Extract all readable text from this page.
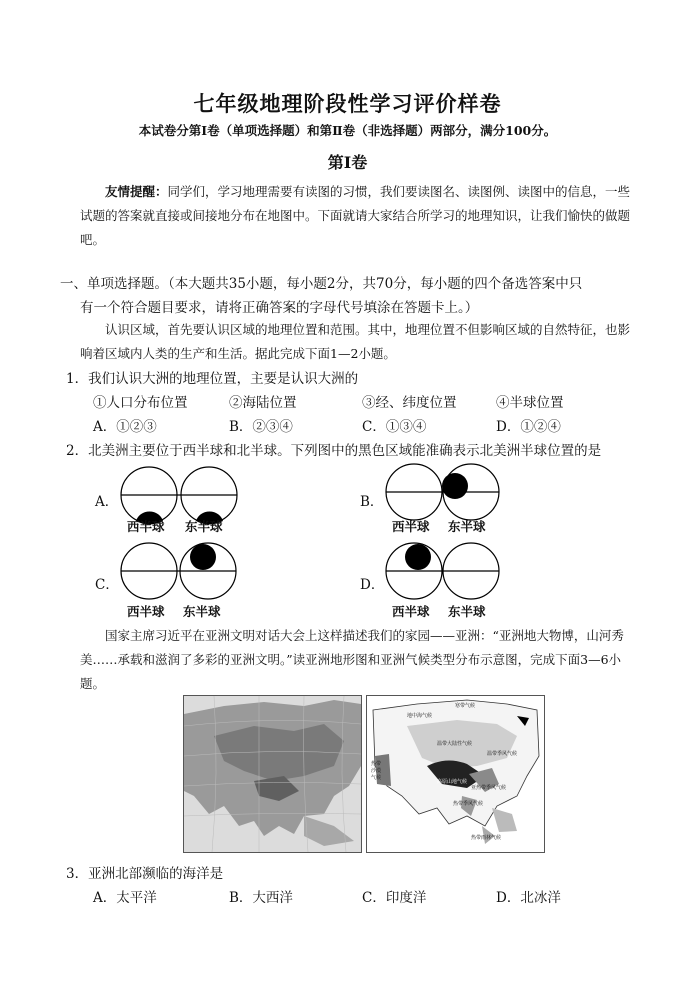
七年级地理阶段性学习评价样卷
本试卷分第Ⅰ卷（单项选择题）和第Ⅱ卷（非选择题）两部分，满分100分。
第Ⅰ卷
友情提醒：同学们，学习地理需要有读图的习惯，我们要读图名、读图例、读图中的信息，一些试题的答案就直接或间接地分布在地图中。下面就请大家结合所学习的地理知识，让我们愉快的做题吧。
一、单项选择题。（本大题共35小题，每小题2分，共70分，每小题的四个备选答案中只
有一个符合题目要求，请将正确答案的字母代号填涂在答题卡上。）
认识区域，首先要认识区域的地理位置和范围。其中，地理位置不但影响区域的自然特征，也影响着区域内人类的生产和生活。据此完成下面1—2小题。
1．我们认识大洲的地理位置，主要是认识大洲的
①人口分布位置	②海陆位置	③经、纬度位置	④半球位置
A．①②③	B．②③④	C．①③④	D．①②④
2．北美洲主要位于西半球和北半球。下列图中的黑色区域能准确表示北美洲半球位置的是
A．
西半球 东半球
B．
西半球 东半球
C．
西半球 东半球
D．
西半球 东半球
国家主席习近平在亚洲文明对话大会上这样描述我们的家园——亚洲：“亚洲地大物博，山河秀美……承载和滋润了多彩的亚洲文明。”读亚洲地形图和亚洲气候类型分布示意图，完成下面3—6小题。
寒带气候
地中海气候
温带大陆性气候
温带季风气候
热带沙漠气候
高原山地气候
亚热带季风气候
热带季风气候
热带雨林气候
3．亚洲北部濒临的海洋是
A．太平洋	B．大西洋	C．印度洋	D．北冰洋
